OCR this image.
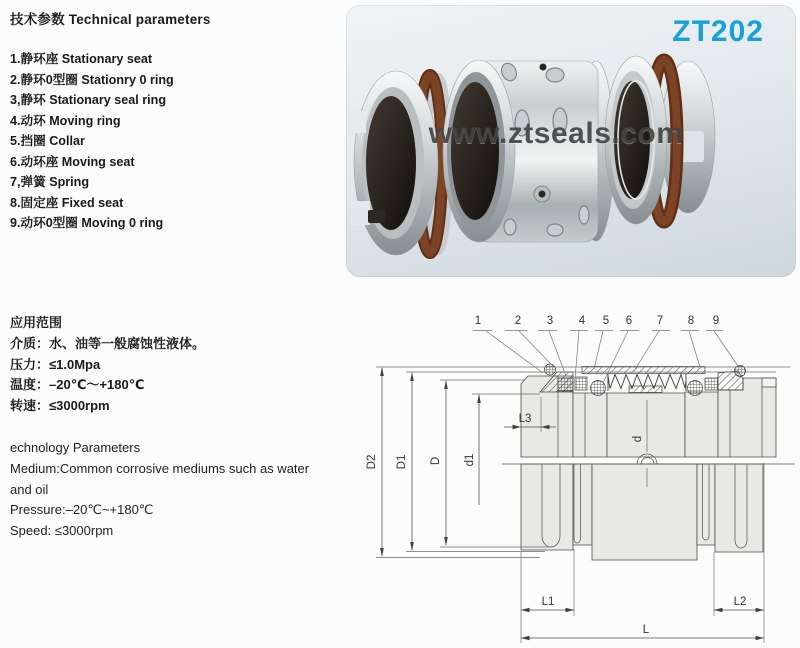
技术参数 Technical parameters
1.静环座 Stationary seat
2.静环0型圈 Stationry 0 ring
3,静环 Stationary seal ring
4.动环 Moving ring
5.挡圈 Collar
6.动环座 Moving seat
7,弹簧 Spring
8.固定座 Fixed seat
9.动环0型圈 Moving 0 ring
应用范围
介质：水、油等一般腐蚀性液体。
压力：≤1.0Mpa
温度：–20℃～+180℃
转速：≤3000rpm
echnology Parameters
Medium:Common corrosive mediums such as water
and oil
Pressure:–20℃~+180℃
Speed: ≤3000rpm
ZT202
www.ztseals.com
1	2 3 4 5 6 7 8 9
D2 D1 D d1
d
L3
L1	L2
L
